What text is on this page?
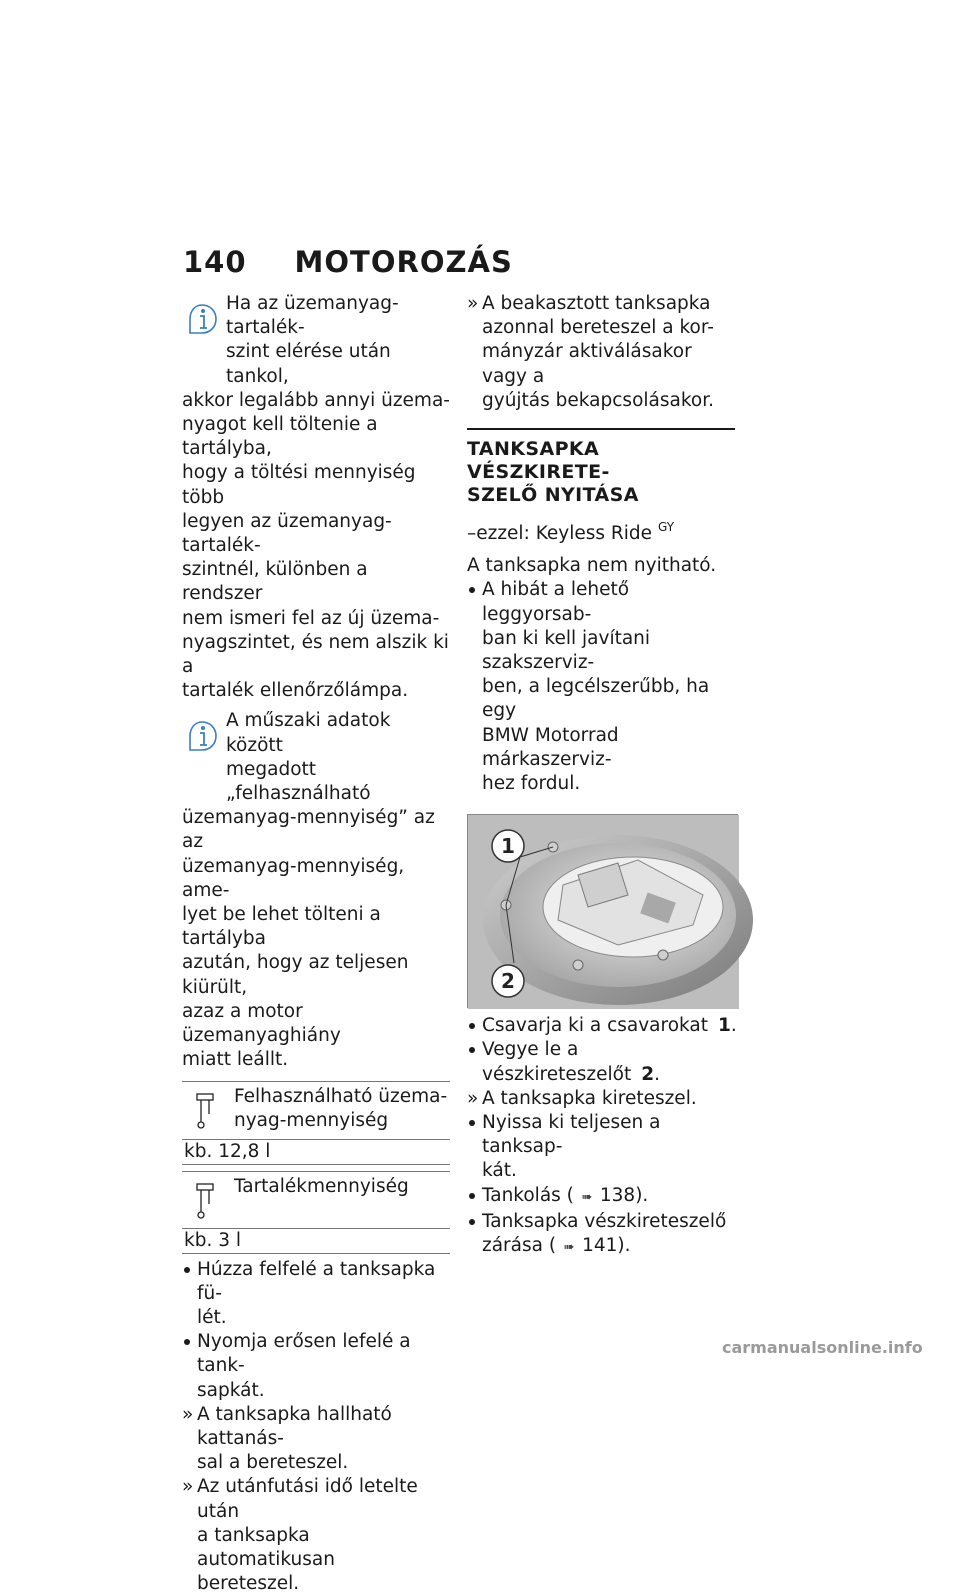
140 MOTOROZÁS
Ha az üzemanyag-tartalék-
szint elérése után tankol,
akkor legalább annyi üzema-
nyagot kell töltenie a tartályba,
hogy a töltési mennyiség több
legyen az üzemanyag-tartalék-
szintnél, különben a rendszer
nem ismeri fel az új üzema-
nyagszintet, és nem alszik ki a
tartalék ellenőrzőlámpa.
A műszaki adatok között
megadott „felhasználható
üzemanyag-mennyiség” az az
üzemanyag-mennyiség, ame-
lyet be lehet tölteni a tartályba
azután, hogy az teljesen kiürült,
azaz a motor üzemanyaghiány
miatt leállt.
Felhasználható üzema-
nyag-mennyiség
kb. 12,8 l
Tartalékmennyiség
kb. 3 l
Húzza felfelé a tanksapka fü-
lét.
Nyomja erősen lefelé a tank-
sapkát.
» A tanksapka hallható kattanás-
sal a bereteszel.
» Az utánfutási idő letelte után
a tanksapka automatikusan
bereteszel.
» A beakasztott tanksapka
azonnal bereteszel a kor-
mányzár aktiválásakor vagy a
gyújtás bekapcsolásakor.
TANKSAPKA VÉSZKIRETE-
SZELŐ NYITÁSA
–ezzel: Keyless Ride $^{GY}$
A tanksapka nem nyitható.
A hibát a lehető leggyorsab-
ban ki kell javítani szakszerviz-
ben, a legcélszerűbb, ha egy
BMW Motorrad márkaszerviz-
hez fordul.
1
2
Csavarja ki a csavarokat 1.
Vegye le a vészkireteszelőt 2.
» A tanksapka kireteszel.
Nyissa ki teljesen a tanksap-
kát.
Tankolás ( ➠ 138).
Tanksapka vészkireteszelő
zárása ( ➠ 141).
carmanualsonline.info
